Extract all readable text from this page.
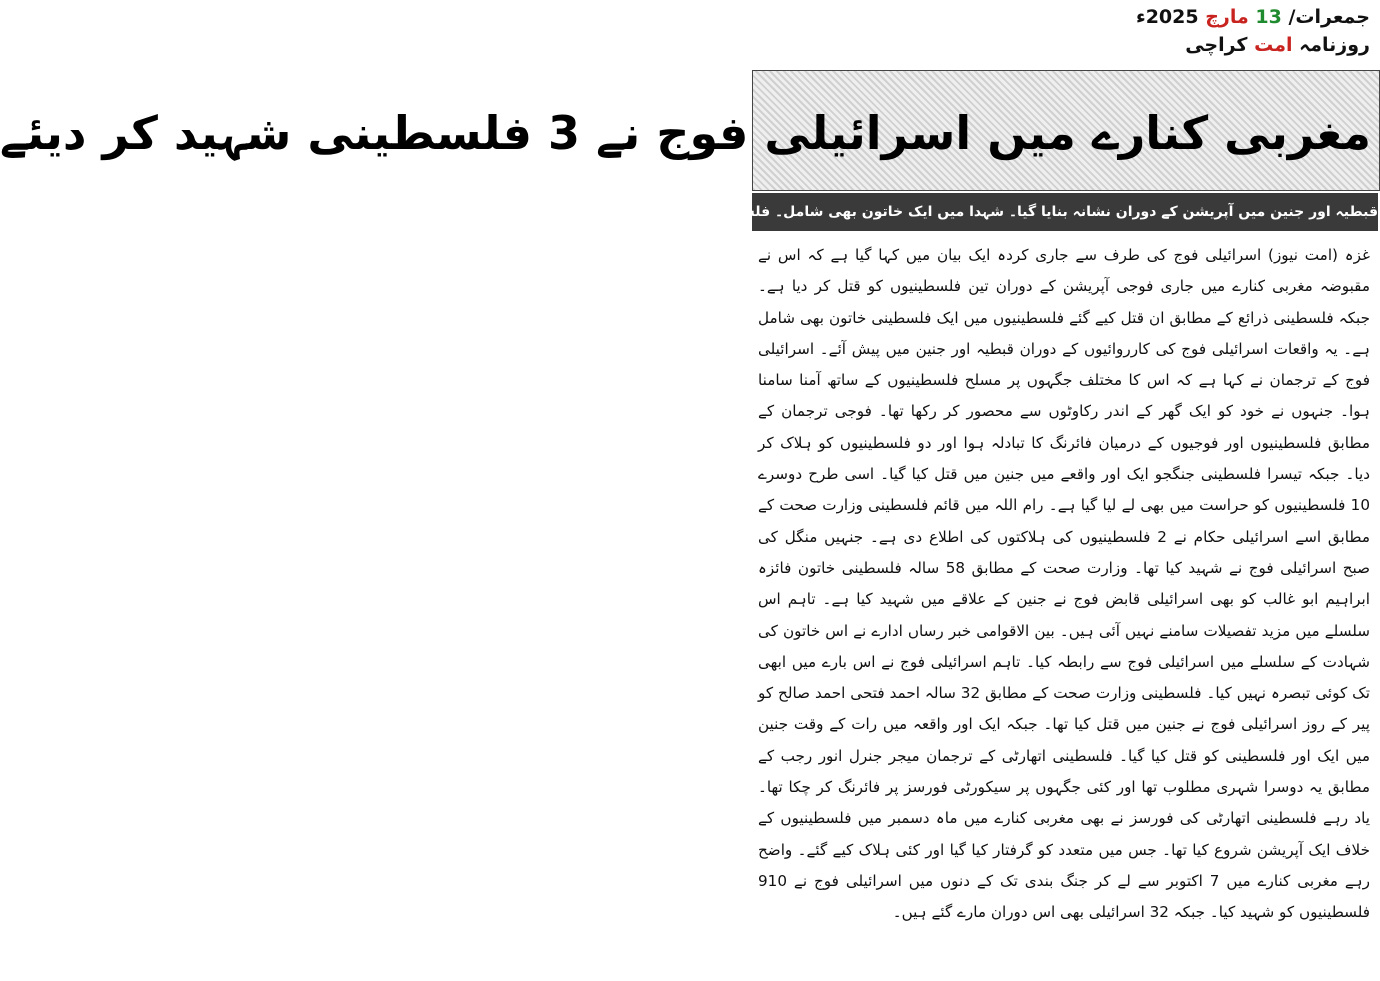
جمعرات/ 13 مارچ 2025ء
روزنامہ امت کراچی
مغربی کنارے میں اسرائیلی فوج نے 3 فلسطینی شہید کر دیئے
قبطیہ اور جنین میں آپریشن کے دوران نشانہ بنایا گیا۔ شہدا میں ایک خاتون بھی شامل۔ فلسطینی مسلح تھے۔ فوجی ترجمان

غزہ (امت نیوز) اسرائیلی فوج کی طرف سے جاری کردہ ایک بیان میں کہا گیا ہے کہ اس نے مقبوضہ مغربی کنارے میں جاری فوجی آپریشن کے دوران تین فلسطینیوں کو قتل کر دیا ہے۔ جبکہ فلسطینی ذرائع کے مطابق ان قتل کیے گئے فلسطینیوں میں ایک فلسطینی خاتون بھی شامل ہے۔ یہ واقعات اسرائیلی فوج کی کارروائیوں کے دوران قبطیہ اور جنین میں پیش آئے۔ اسرائیلی فوج کے ترجمان نے کہا ہے کہ اس کا مختلف جگہوں پر مسلح فلسطینیوں کے ساتھ آمنا سامنا ہوا۔ جنہوں نے خود کو ایک گھر کے اندر رکاوٹوں سے محصور کر رکھا تھا۔ فوجی ترجمان کے مطابق فلسطینیوں اور فوجیوں کے درمیان فائرنگ کا تبادلہ ہوا اور دو فلسطینیوں کو ہلاک کر دیا۔ جبکہ تیسرا فلسطینی جنگجو ایک اور واقعے میں جنین میں قتل کیا گیا۔ اسی طرح دوسرے 10 فلسطینیوں کو حراست میں بھی لے لیا گیا ہے۔ رام اللہ میں قائم فلسطینی وزارت صحت کے مطابق اسے اسرائیلی حکام نے 2 فلسطینیوں کی ہلاکتوں کی اطلاع دی ہے۔ جنہیں منگل کی صبح اسرائیلی فوج نے شہید کیا تھا۔ وزارت صحت کے مطابق 58 سالہ فلسطینی خاتون فائزہ ابراہیم ابو غالب کو بھی اسرائیلی قابض فوج نے جنین کے علاقے میں شہید کیا ہے۔ تاہم اس سلسلے میں مزید تفصیلات سامنے نہیں آئی ہیں۔ بین الاقوامی خبر رساں ادارے نے اس خاتون کی شہادت کے سلسلے میں اسرائیلی فوج سے رابطہ کیا۔ تاہم اسرائیلی فوج نے اس بارے میں ابھی تک کوئی تبصرہ نہیں کیا۔ فلسطینی وزارت صحت کے مطابق 32 سالہ احمد فتحی احمد صالح کو پیر کے روز اسرائیلی فوج نے جنین میں قتل کیا تھا۔ جبکہ ایک اور واقعہ میں رات کے وقت جنین میں ایک اور فلسطینی کو قتل کیا گیا۔ فلسطینی اتھارٹی کے ترجمان میجر جنرل انور رجب کے مطابق یہ دوسرا شہری مطلوب تھا اور کئی جگہوں پر سیکورٹی فورسز پر فائرنگ کر چکا تھا۔ یاد رہے فلسطینی اتھارٹی کی فورسز نے بھی مغربی کنارے میں ماہ دسمبر میں فلسطینیوں کے خلاف ایک آپریشن شروع کیا تھا۔ جس میں متعدد کو گرفتار کیا گیا اور کئی ہلاک کیے گئے۔ واضح رہے مغربی کنارے میں 7 اکتوبر سے لے کر جنگ بندی تک کے دنوں میں اسرائیلی فوج نے 910 فلسطینیوں کو شہید کیا۔ جبکہ 32 اسرائیلی بھی اس دوران مارے گئے ہیں۔
